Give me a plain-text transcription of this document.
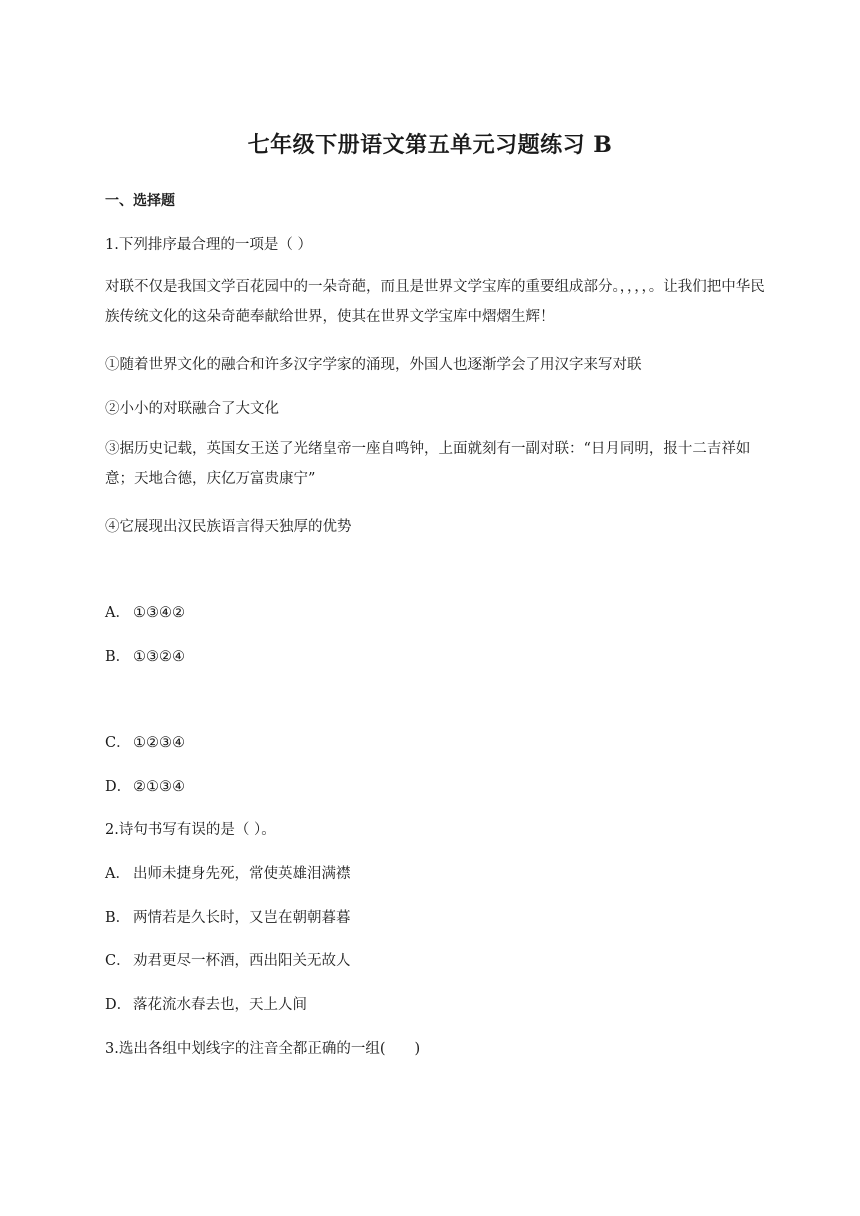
七年级下册语文第五单元习题练习 B
一、选择题
1.下列排序最合理的一项是（ ）
对联不仅是我国文学百花园中的一朵奇葩，而且是世界文学宝库的重要组成部分。，，，，。让我们把中华民族传统文化的这朵奇葩奉献给世界，使其在世界文学宝库中熠熠生辉！
①随着世界文化的融合和许多汉字学家的涌现，外国人也逐渐学会了用汉字来写对联
②小小的对联融合了大文化
③据历史记载，英国女王送了光绪皇帝一座自鸣钟，上面就刻有一副对联：“日月同明，报十二吉祥如意；天地合德，庆亿万富贵康宁”
④它展现出汉民族语言得天独厚的优势
A． ①③④②
B． ①③②④
C． ①②③④
D． ②①③④
2.诗句书写有误的是（ ）。
A． 出师未捷身先死，常使英雄泪满襟
B． 两情若是久长时，又岂在朝朝暮暮
C． 劝君更尽一杯酒，西出阳关无故人
D． 落花流水春去也，天上人间
3.选出各组中划线字的注音全都正确的一组(　　)
